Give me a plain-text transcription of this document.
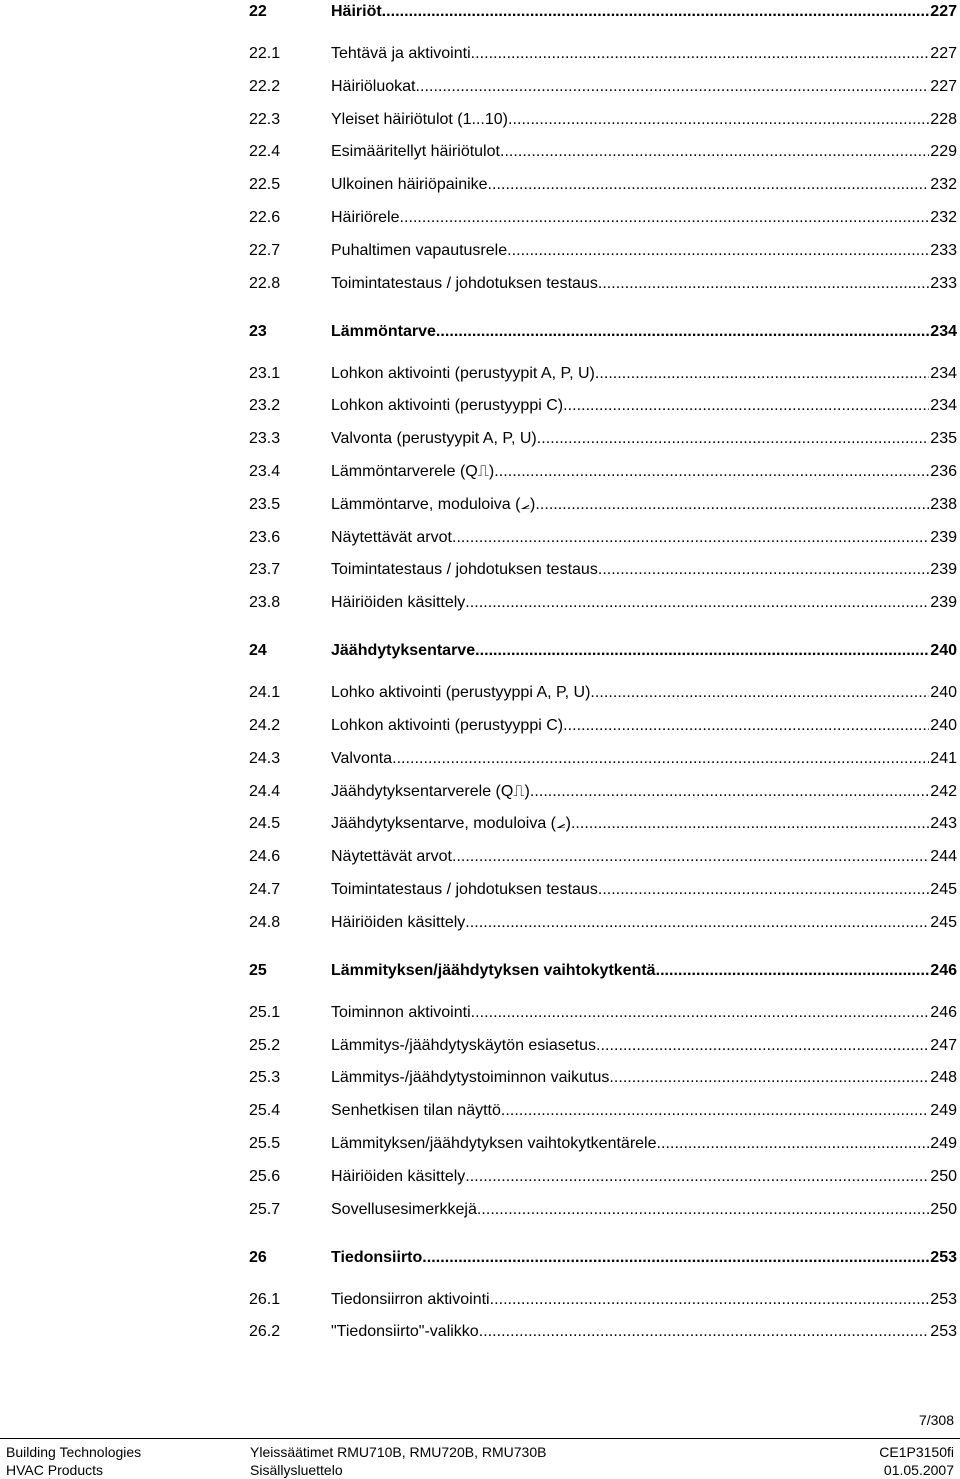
22	Häiriöt . . .	227
22.1	Tehtävä ja aktivointi . . .	227
22.2	Häiriöluokat . . .	227
22.3	Yleiset häiriötulot (1...10) . . .	228
22.4	Esimääritellyt häiriötulot . . .	229
22.5	Ulkoinen häiriöpainike . . .	232
22.6	Häiriörele . . .	232
22.7	Puhaltimen vapautusrele . . .	233
22.8	Toimintatestaus / johdotuksen testaus . . .	233
23	Lämmöntarve . . .	234
23.1	Lohkon aktivointi (perustyypit A, P, U) . . .	234
23.2	Lohkon aktivointi (perustyyppi C) . . .	234
23.3	Valvonta (perustyypit A, P, U) . . .	235
23.4	Lämmöntarverele (Q⎍) . . .	236
23.5	Lämmöntarve, moduloiva (⦟) . . .	238
23.6	Näytettävät arvot . . .	239
23.7	Toimintatestaus / johdotuksen testaus . . .	239
23.8	Häiriöiden käsittely . . .	239
24	Jäähdytyksentarve . . .	240
24.1	Lohko aktivointi (perustyyppi A, P, U) . . .	240
24.2	Lohkon aktivointi (perustyyppi C) . . .	240
24.3	Valvonta . . .	241
24.4	Jäähdytyksentarverele (Q⎍) . . .	242
24.5	Jäähdytyksentarve, moduloiva (⦟) . . .	243
24.6	Näytettävät arvot . . .	244
24.7	Toimintatestaus / johdotuksen testaus . . .	245
24.8	Häiriöiden käsittely . . .	245
25	Lämmityksen/jäähdytyksen vaihtokytkentä . . .	246
25.1	Toiminnon aktivointi . . .	246
25.2	Lämmitys-/jäähdytyskäytön esiasetus . . .	247
25.3	Lämmitys-/jäähdytystoiminnon vaikutus . . .	248
25.4	Senhetkisen tilan näyttö . . .	249
25.5	Lämmityksen/jäähdytyksen vaihtokytkentärele . . .	249
25.6	Häiriöiden käsittely . . .	250
25.7	Sovellusesimerkkejä . . .	250
26	Tiedonsiirto . . .	253
26.1	Tiedonsiirron aktivointi . . .	253
26.2	"Tiedonsiirto"-valikko . . .	253
7/308
Building Technologies
HVAC Products
Yleissäätimet RMU710B, RMU720B, RMU730B
Sisällysluettelo
CE1P3150fi
01.05.2007
